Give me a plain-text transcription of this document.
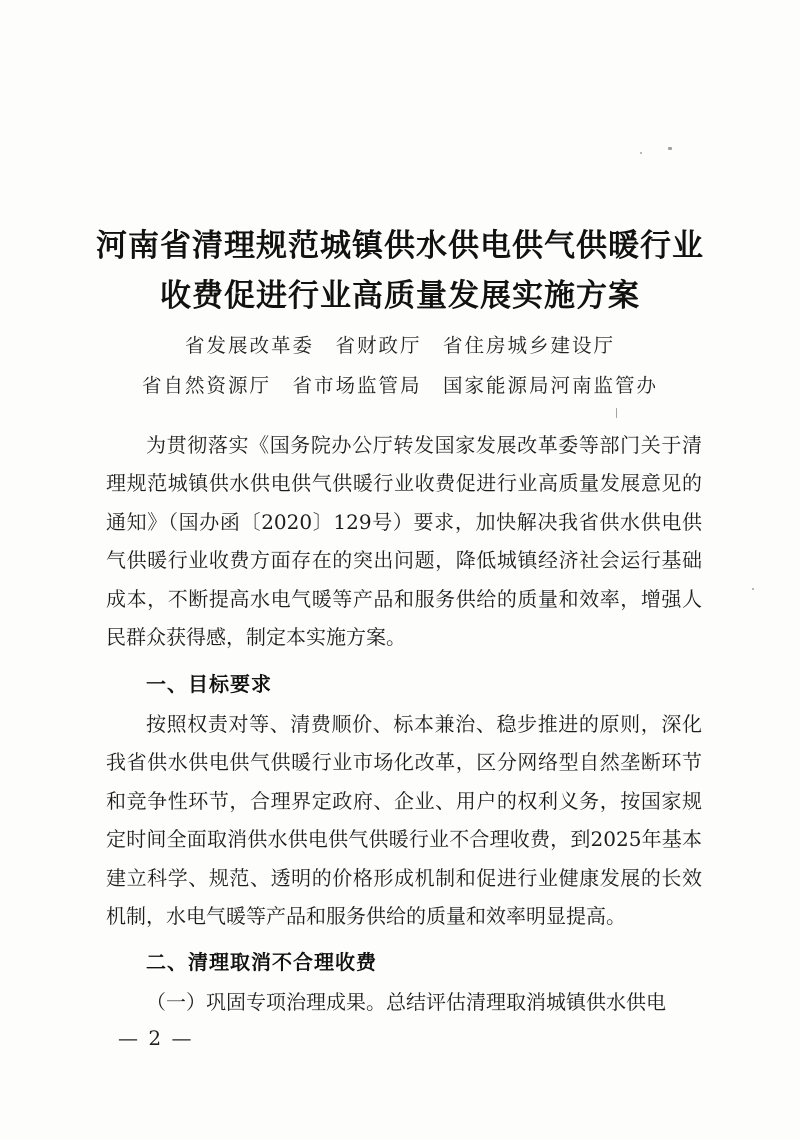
河南省清理规范城镇供水供电供气供暖行业
收费促进行业高质量发展实施方案
省发展改革委　省财政厅　省住房城乡建设厅
省自然资源厅　省市场监管局　国家能源局河南监管办

为贯彻落实《国务院办公厅转发国家发展改革委等部门关于清理规范城镇供水供电供气供暖行业收费促进行业高质量发展意见的通知》（国办函〔2020〕129号）要求，加快解决我省供水供电供气供暖行业收费方面存在的突出问题，降低城镇经济社会运行基础成本，不断提高水电气暖等产品和服务供给的质量和效率，增强人民群众获得感，制定本实施方案。

一、目标要求

按照权责对等、清费顺价、标本兼治、稳步推进的原则，深化我省供水供电供气供暖行业市场化改革，区分网络型自然垄断环节和竞争性环节，合理界定政府、企业、用户的权利义务，按国家规定时间全面取消供水供电供气供暖行业不合理收费，到2025年基本建立科学、规范、透明的价格形成机制和促进行业健康发展的长效机制，水电气暖等产品和服务供给的质量和效率明显提高。

二、清理取消不合理收费

（一）巩固专项治理成果。总结评估清理取消城镇供水供电

— 2 —
